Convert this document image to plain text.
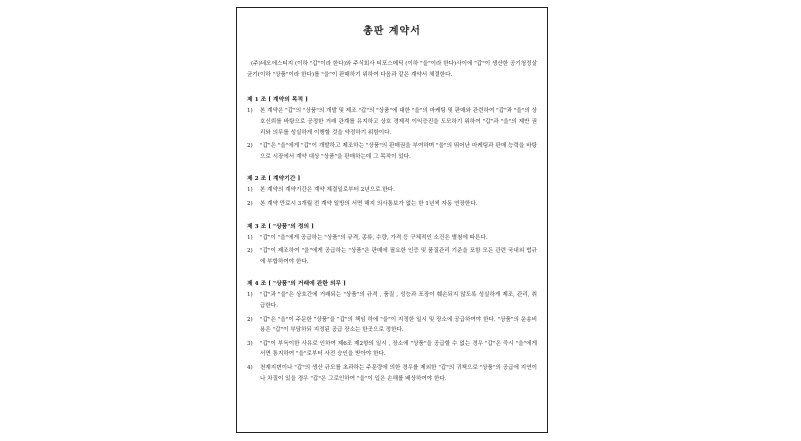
총판 계약서

(주)네오에스티지 (이하 "갑"이라 한다)와 주식회사 티포스메딕 (이하 "을"이라 한다)사이에 "갑"이 생산한 공기청정살균기(이하 "상품"이라 한다)를 "을"이 판매하기 위하여 다음과 같은 계약서 체결한다.

제 1 조 [ 계약의 목적 ]
1) 본 계약은 "갑"의 "상품"의 개발 및 제조 "갑"의 "상품"에 대한 "을"의 마케팅 및 판매와 관련하여 "갑"과 "을"의 상호신뢰를 바탕으로 공정한 거래 관계를 유지하고 상호 경제적 이익증진을 도모하기 위하여 "갑"과 "을"의 제반 권리와 의무를 성실하게 이행할 것을 약정하기 위함이다.
2) "갑"은 "을"에게 "갑"이 개발하고 제조하는 "상품"의 판매권을 부여하며 "을"의 뛰어난 마케팅과 판매 능력을 바탕으로 시장에서 계약 대상 "상품"을 판매하는데 그 목적이 있다.
제 2 조 [ 계약기간 ]
1) 본 계약의 계약기간은 계약 체결일로부터 2년으로 한다.
2) 본 계약 만료시 3개월 전 계약 일방의 서면 해지 의사통보가 없는 한 1년씩 자동 연장한다.
제 3 조 [ "상품"의 정의 ]
1) "갑"이 "을"에게 공급하는 "상품"의 규격, 종류, 수량, 가격 등 구체적인 소건은 별첨에 따른다.
2) "갑"이 제조하여 "을"에게 공급하는 "상품"은 판매에 필요한 인증 및 품질관리 기준을 포함 모든 관련 국내외 법규에 부합하여야 한다.
제 4 조 [ "상품"의 거래에 관한 의무 ]
1) "갑"과 "을"은 상호간에 거래되는 "상품"의 규격 , 품질 , 성능과 포장이 훼손되지 않도록 성실하게 제조, 관리, 취급한다.
2) "갑"은 "을"이 주문한 "상품"을 "갑"의 책임 하에 "을"이 지정한 일시 및 장소에 공급하여야 한다. "상품"의 운송비용은 "갑"이 부담하되 지정된 공급 장소는 한곳으로 정한다.
3) "갑"이 부득이한 사유로 인하여 제6조 제2항의 일시 , 장소에 "상품"을 공급할 수 없는 경우 "갑"은 즉시 "을"에게 서면 통지하여 "을"로부터 사전 승인을 받아야 한다.
4) 천재지변이나 "갑"의 생산 규모를 초과하는 주문량에 의한 경우를 제외한 "갑"의 귀책으로 "상품"의 공급에 지연이나 차질이 있을 경우 "갑"은 그로인하여 "을"이 입은 손해를 배상하여야 한다.
